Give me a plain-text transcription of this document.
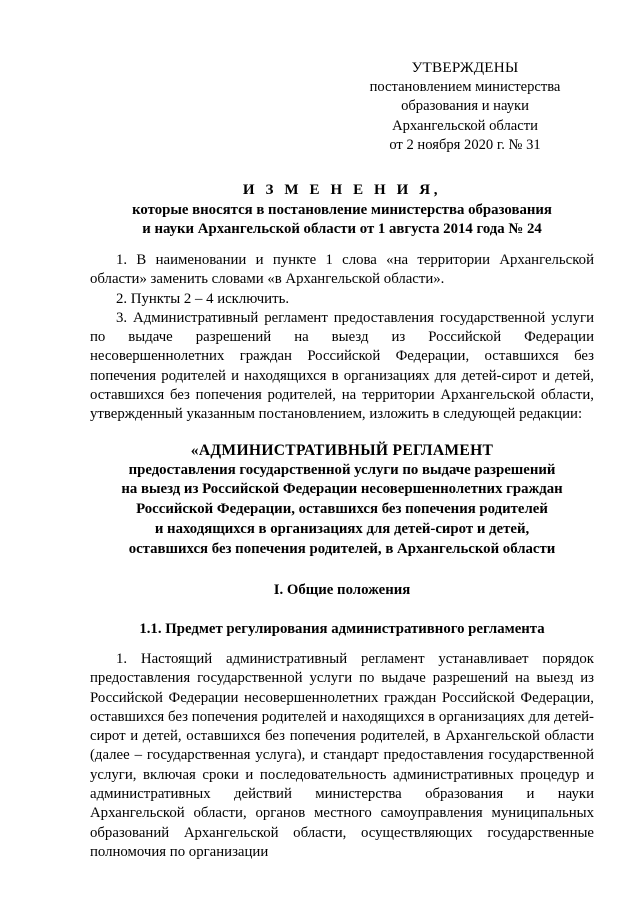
УТВЕРЖДЕНЫ
постановлением министерства
образования и науки
Архангельской области
от 2 ноября 2020 г. № 31
И З М Е Н Е Н И Я,
которые вносятся в постановление министерства образования
и науки Архангельской области от 1 августа 2014 года № 24

1. В наименовании и пункте 1 слова «на территории Архангельской области» заменить словами «в Архангельской области».

2. Пункты 2 – 4 исключить.

3. Административный регламент предоставления государственной услуги по выдаче разрешений на выезд из Российской Федерации несовершеннолетних граждан Российской Федерации, оставшихся без попечения родителей и находящихся в организациях для детей-сирот и детей, оставшихся без попечения родителей, на территории Архангельской области, утвержденный указанным постановлением, изложить в следующей редакции:

«АДМИНИСТРАТИВНЫЙ РЕГЛАМЕНТ
предоставления государственной услуги по выдаче разрешений
на выезд из Российской Федерации несовершеннолетних граждан
Российской Федерации, оставшихся без попечения родителей
и находящихся в организациях для детей-сирот и детей,
оставшихся без попечения родителей, в Архангельской области
I. Общие положения
1.1. Предмет регулирования административного регламента

1. Настоящий административный регламент устанавливает порядок предоставления государственной услуги по выдаче разрешений на выезд из Российской Федерации несовершеннолетних граждан Российской Федерации, оставшихся без попечения родителей и находящихся в организациях для детей-сирот и детей, оставшихся без попечения родителей, в Архангельской области (далее – государственная услуга), и стандарт предоставления государственной услуги, включая сроки и последовательность административных процедур и административных действий министерства образования и науки Архангельской области, органов местного самоуправления муниципальных образований Архангельской области, осуществляющих государственные полномочия по организации
